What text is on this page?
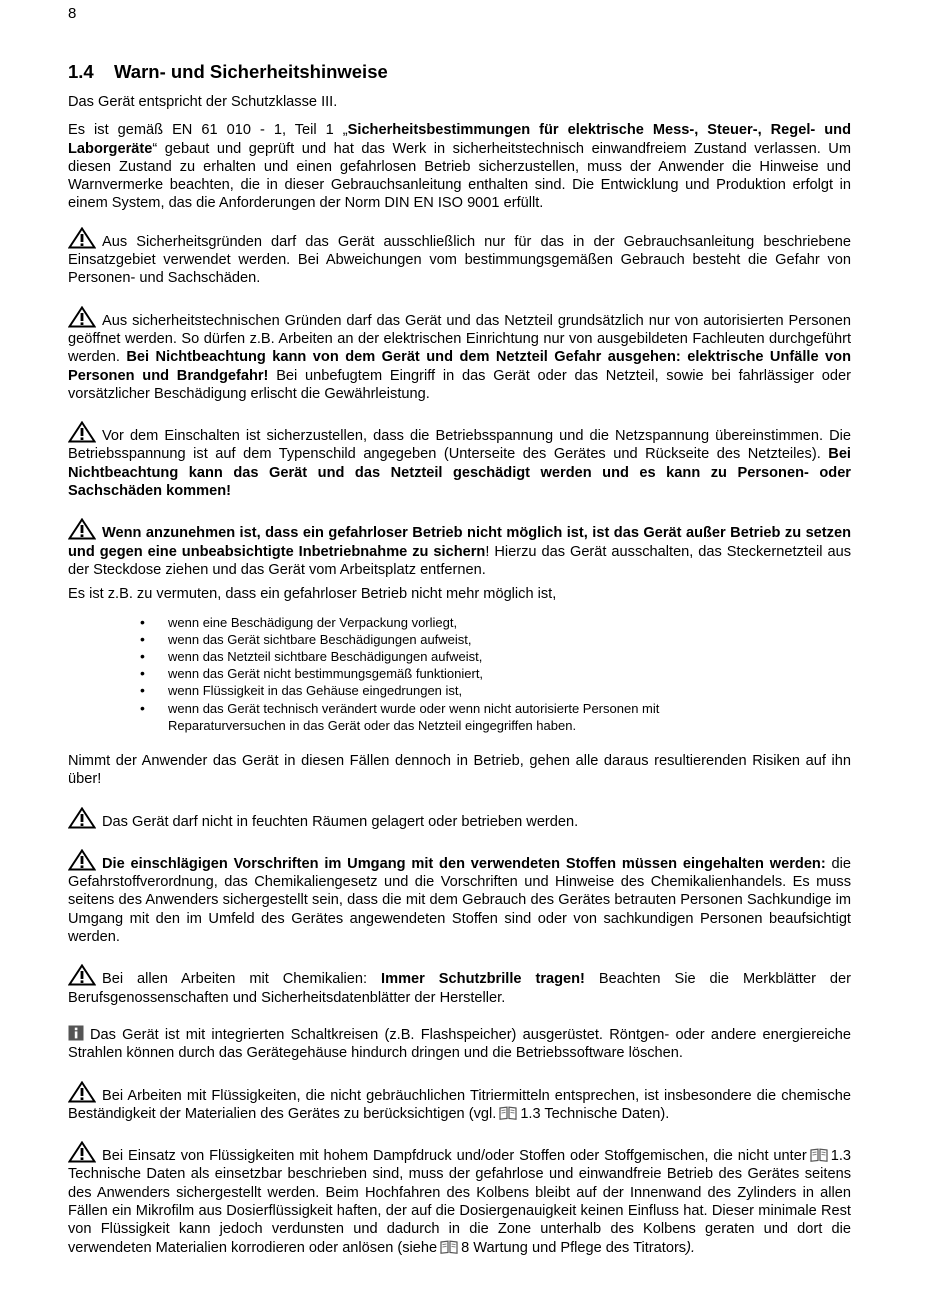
8
1.4 Warn- und Sicherheitshinweise

Das Gerät entspricht der Schutzklasse III.

Es ist gemäß EN 61 010 - 1, Teil 1 „Sicherheitsbestimmungen für elektrische Mess-, Steuer-, Regel- und Laborgeräte“ gebaut und geprüft und hat das Werk in sicherheitstechnisch einwandfreiem Zustand verlassen. Um diesen Zustand zu erhalten und einen gefahrlosen Betrieb sicherzustellen, muss der Anwender die Hinweise und Warnvermerke beachten, die in dieser Gebrauchsanleitung enthalten sind. Die Entwicklung und Produktion erfolgt in einem System, das die Anforderungen der Norm DIN EN ISO 9001 erfüllt.

Aus Sicherheitsgründen darf das Gerät ausschließlich nur für das in der Gebrauchsanleitung beschriebene Einsatzgebiet verwendet werden. Bei Abweichungen vom bestimmungsgemäßen Gebrauch besteht die Gefahr von Personen- und Sachschäden.

Aus sicherheitstechnischen Gründen darf das Gerät und das Netzteil grundsätzlich nur von autorisierten Personen geöffnet werden. So dürfen z.B. Arbeiten an der elektrischen Einrichtung nur von ausgebildeten Fachleuten durchgeführt werden. Bei Nichtbeachtung kann von dem Gerät und dem Netzteil Gefahr ausgehen: elektrische Unfälle von Personen und Brandgefahr! Bei unbefugtem Eingriff in das Gerät oder das Netzteil, sowie bei fahrlässiger oder vorsätzlicher Beschädigung erlischt die Gewährleistung.

Vor dem Einschalten ist sicherzustellen, dass die Betriebsspannung und die Netzspannung übereinstimmen. Die Betriebsspannung ist auf dem Typenschild angegeben (Unterseite des Gerätes und Rückseite des Netzteiles). Bei Nichtbeachtung kann das Gerät und das Netzteil geschädigt werden und es kann zu Personen- oder Sachschäden kommen!

Wenn anzunehmen ist, dass ein gefahrloser Betrieb nicht möglich ist, ist das Gerät außer Betrieb zu setzen und gegen eine unbeabsichtigte Inbetriebnahme zu sichern! Hierzu das Gerät ausschalten, das Steckernetzteil aus der Steckdose ziehen und das Gerät vom Arbeitsplatz entfernen.

Es ist z.B. zu vermuten, dass ein gefahrloser Betrieb nicht mehr möglich ist,

• wenn eine Beschädigung der Verpackung vorliegt,
• wenn das Gerät sichtbare Beschädigungen aufweist,
• wenn das Netzteil sichtbare Beschädigungen aufweist,
• wenn das Gerät nicht bestimmungsgemäß funktioniert,
• wenn Flüssigkeit in das Gehäuse eingedrungen ist,
• wenn das Gerät technisch verändert wurde oder wenn nicht autorisierte Personen mit Reparaturversuchen in das Gerät oder das Netzteil eingegriffen haben.

Nimmt der Anwender das Gerät in diesen Fällen dennoch in Betrieb, gehen alle daraus resultierenden Risiken auf ihn über!

Das Gerät darf nicht in feuchten Räumen gelagert oder betrieben werden.

Die einschlägigen Vorschriften im Umgang mit den verwendeten Stoffen müssen eingehalten werden: die Gefahrstoffverordnung, das Chemikaliengesetz und die Vorschriften und Hinweise des Chemikalienhandels. Es muss seitens des Anwenders sichergestellt sein, dass die mit dem Gebrauch des Gerätes betrauten Personen Sachkundige im Umgang mit den im Umfeld des Gerätes angewendeten Stoffen sind oder von sachkundigen Personen beaufsichtigt werden.

Bei allen Arbeiten mit Chemikalien: Immer Schutzbrille tragen! Beachten Sie die Merkblätter der Berufsgenossenschaften und Sicherheitsdatenblätter der Hersteller.

Das Gerät ist mit integrierten Schaltkreisen (z.B. Flashspeicher) ausgerüstet. Röntgen- oder andere energiereiche Strahlen können durch das Gerätegehäuse hindurch dringen und die Betriebssoftware löschen.

Bei Arbeiten mit Flüssigkeiten, die nicht gebräuchlichen Titriermitteln entsprechen, ist insbesondere die chemische Beständigkeit der Materialien des Gerätes zu berücksichtigen (vgl. 1.3 Technische Daten).

Bei Einsatz von Flüssigkeiten mit hohem Dampfdruck und/oder Stoffen oder Stoffgemischen, die nicht unter 1.3 Technische Daten als einsetzbar beschrieben sind, muss der gefahrlose und einwandfreie Betrieb des Gerätes seitens des Anwenders sichergestellt werden. Beim Hochfahren des Kolbens bleibt auf der Innenwand des Zylinders in allen Fällen ein Mikrofilm aus Dosierflüssigkeit haften, der auf die Dosiergenauigkeit keinen Einfluss hat. Dieser minimale Rest von Flüssigkeit kann jedoch verdunsten und dadurch in die Zone unterhalb des Kolbens geraten und dort die verwendeten Materialien korrodieren oder anlösen (siehe 8 Wartung und Pflege des Titrators).
